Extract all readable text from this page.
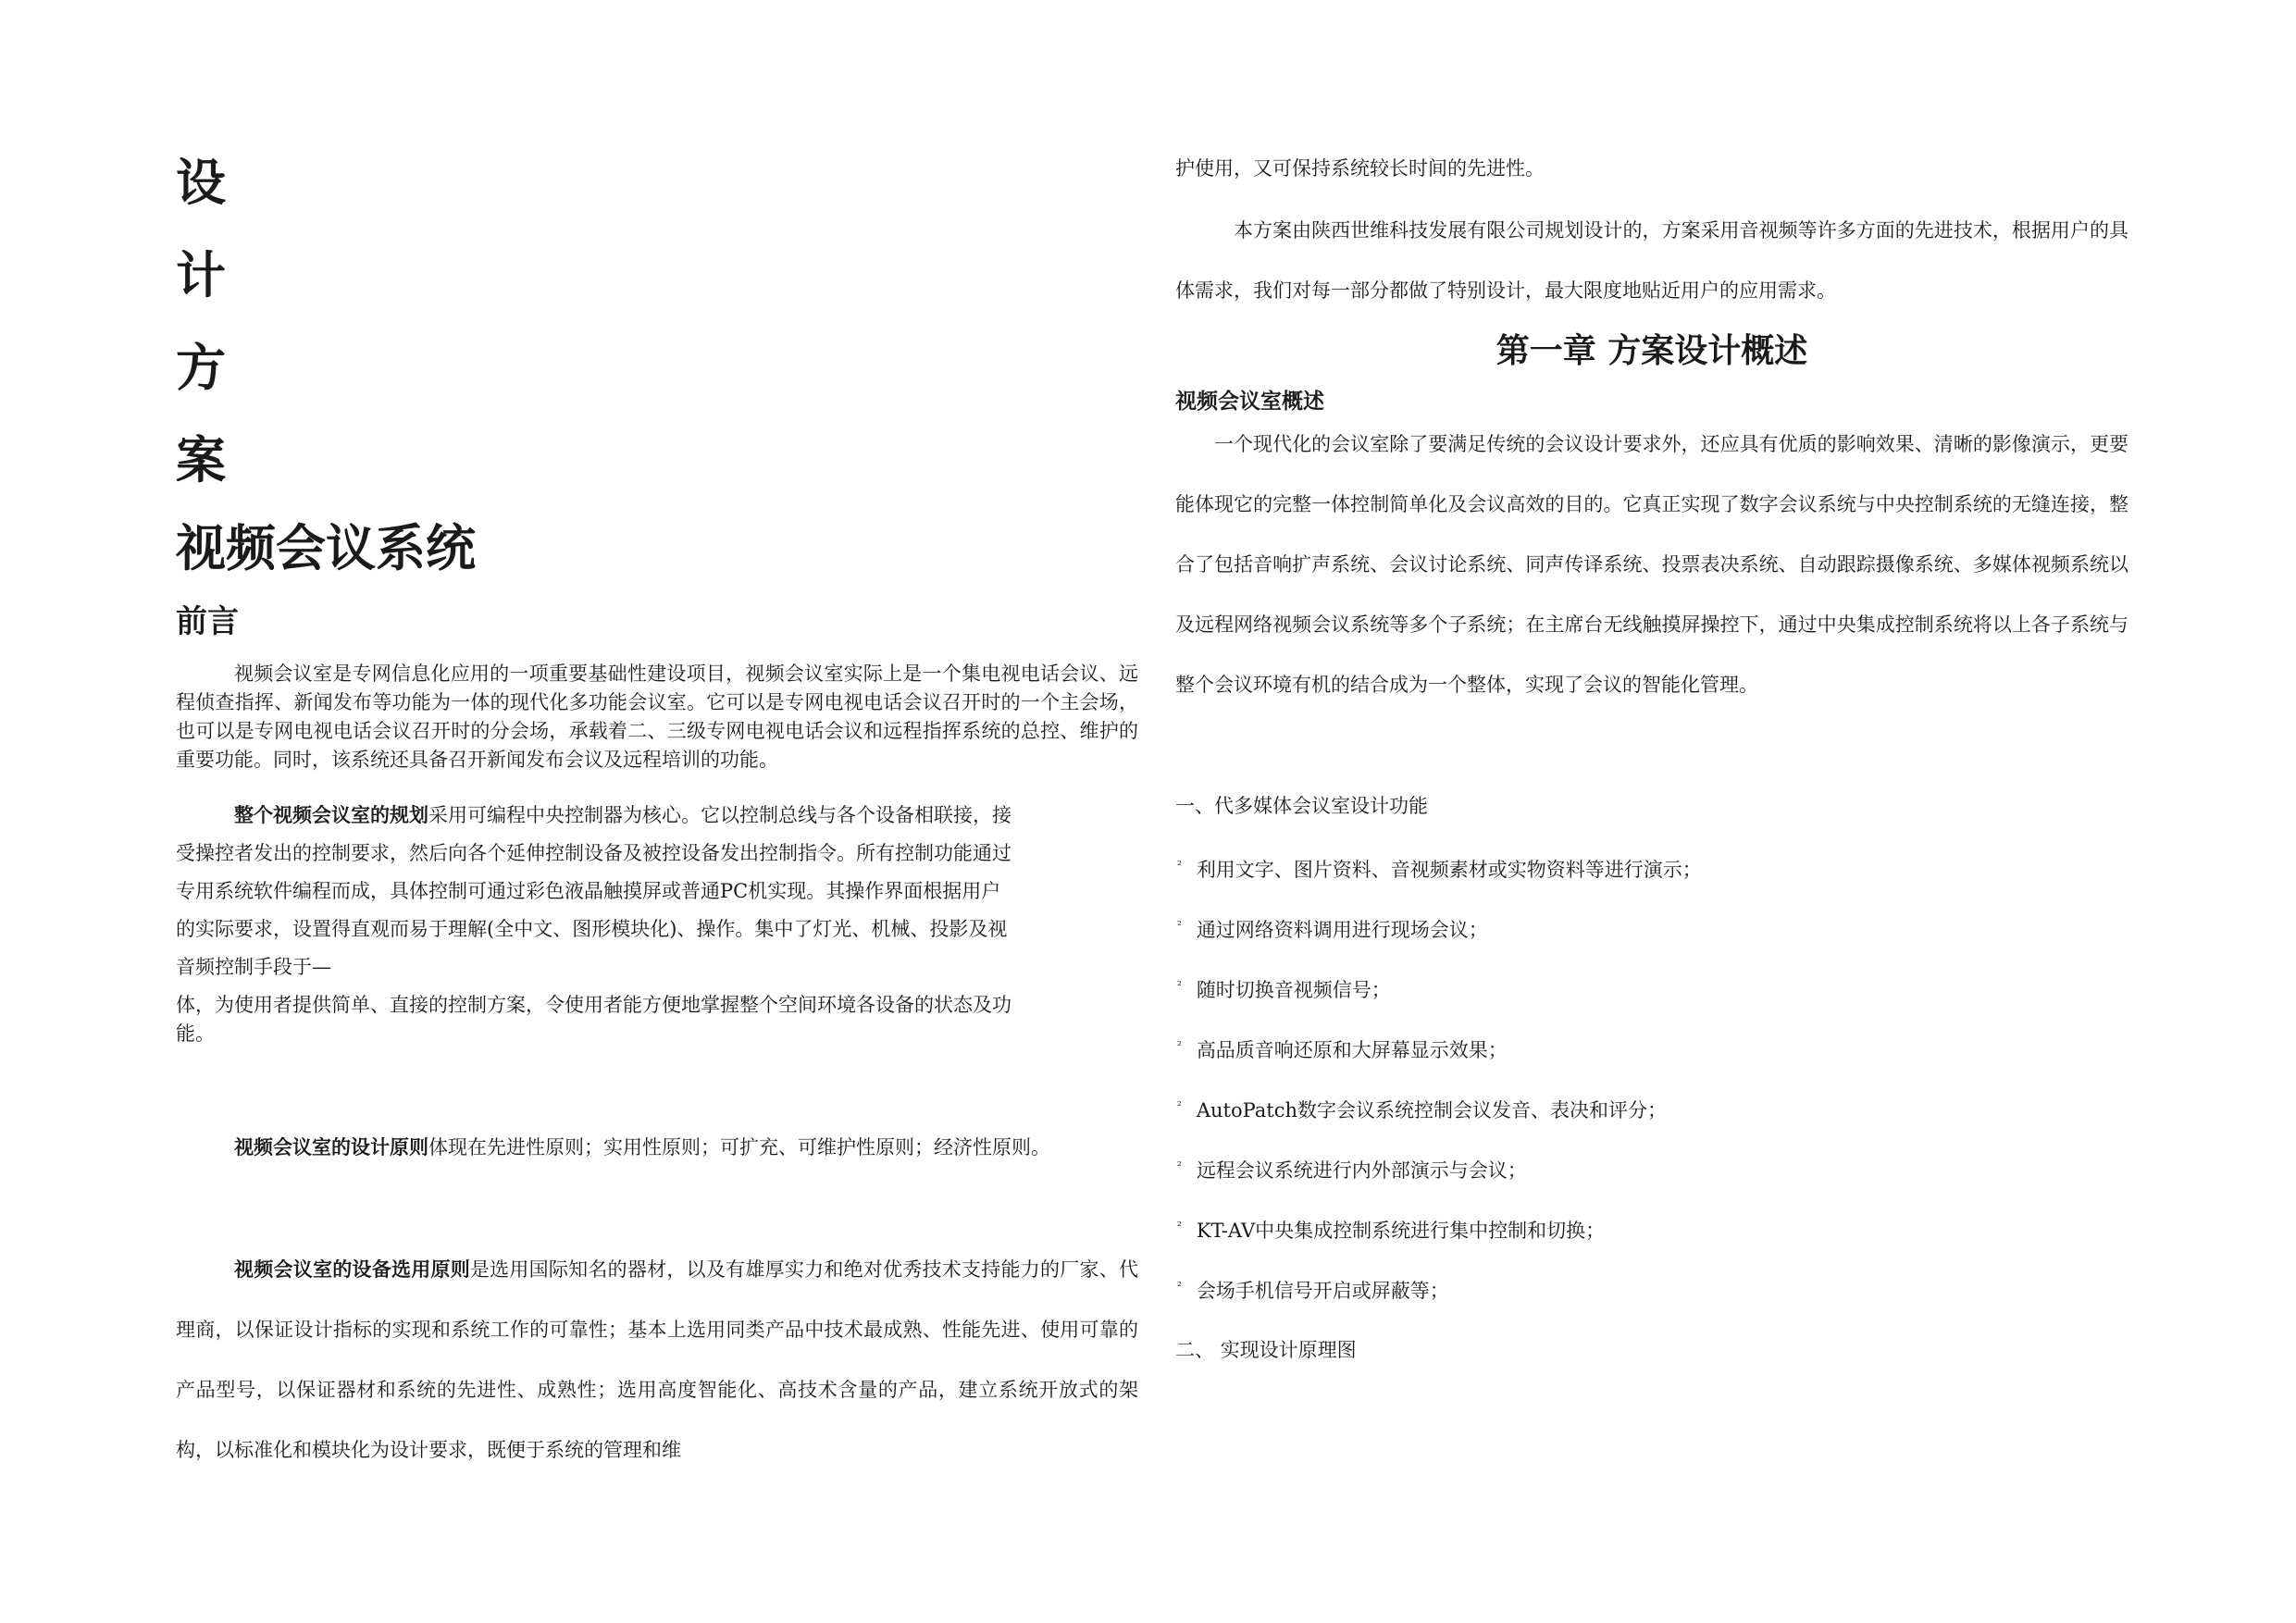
设
计
方
案
视频会议系统
前言

视频会议室是专网信息化应用的一项重要基础性建设项目，视频会议室实际上是一个集电视电话会议、远程侦查指挥、新闻发布等功能为一体的现代化多功能会议室。它可以是专网电视电话会议召开时的一个主会场，也可以是专网电视电话会议召开时的分会场，承载着二、三级专网电视电话会议和远程指挥系统的总控、维护的重要功能。同时，该系统还具备召开新闻发布会议及远程培训的功能。

整个视频会议室的规划采用可编程中央控制器为核心。它以控制总线与各个设备相联接，接
受操控者发出的控制要求，然后向各个延伸控制设备及被控设备发出控制指令。所有控制功能通过
专用系统软件编程而成，具体控制可通过彩色液晶触摸屏或普通PC机实现。其操作界面根据用户
的实际要求，设置得直观而易于理解(全中文、图形模块化)、操作。集中了灯光、机械、投影及视
音频控制手段于—
体，为使用者提供简单、直接的控制方案，令使用者能方便地掌握整个空间环境各设备的状态及功
能。

视频会议室的设计原则体现在先进性原则；实用性原则；可扩充、可维护性原则；经济性原则。

视频会议室的设备选用原则是选用国际知名的器材，以及有雄厚实力和绝对优秀技术支持能力的厂家、代理商，以保证设计指标的实现和系统工作的可靠性；基本上选用同类产品中技术最成熟、性能先进、使用可靠的产品型号，以保证器材和系统的先进性、成熟性；选用高度智能化、高技术含量的产品，建立系统开放式的架构，以标准化和模块化为设计要求，既便于系统的管理和维

护使用，又可保持系统较长时间的先进性。

本方案由陕西世维科技发展有限公司规划设计的，方案采用音视频等许多方面的先进技术，根据用户的具体需求，我们对每一部分都做了特别设计，最大限度地贴近用户的应用需求。

第一章 方案设计概述
视频会议室概述

一个现代化的会议室除了要满足传统的会议设计要求外，还应具有优质的影响效果、清晰的影像演示，更要能体现它的完整一体控制简单化及会议高效的目的。它真正实现了数字会议系统与中央控制系统的无缝连接，整合了包括音响扩声系统、会议讨论系统、同声传译系统、投票表决系统、自动跟踪摄像系统、多媒体视频系统以及远程网络视频会议系统等多个子系统；在主席台无线触摸屏操控下，通过中央集成控制系统将以上各子系统与整个会议环境有机的结合成为一个整体，实现了会议的智能化管理。

一、代多媒体会议室设计功能

$^{^2}$ 利用文字、图片资料、音视频素材或实物资料等进行演示；
$^{^2}$ 通过网络资料调用进行现场会议；
$^{^2}$ 随时切换音视频信号；
$^{^2}$ 高品质音响还原和大屏幕显示效果；
$^{^2}$ AutoPatch数字会议系统控制会议发音、表决和评分；
$^{^2}$ 远程会议系统进行内外部演示与会议；
$^{^2}$ KT-AV中央集成控制系统进行集中控制和切换；
$^{^2}$ 会场手机信号开启或屏蔽等；

二、 实现设计原理图
